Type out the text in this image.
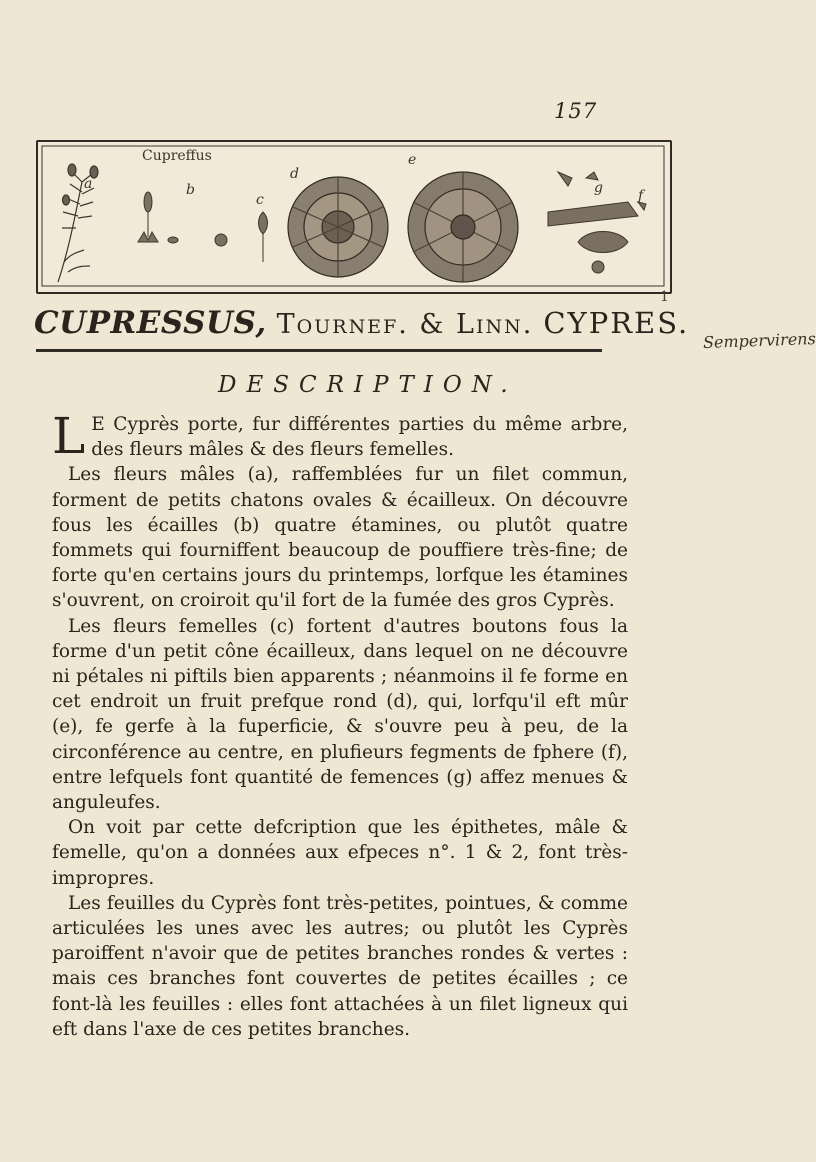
157
Cupreffus
a	b
c
d
e
f
g
1
CUPRESSUS, Tournef. & Linn. CYPRES.
Sempervirens
DESCRIPTION.

L E Cyprès porte, fur différentes parties du même arbre, des fleurs mâles & des fleurs femelles.

Les fleurs mâles (a), raffemblées fur un filet commun, forment de petits chatons ovales & écailleux. On découvre fous les écailles (b) quatre étamines, ou plutôt quatre fommets qui fourniffent beaucoup de pouffiere très-fine; de forte qu'en certains jours du printemps, lorfque les étamines s'ouvrent, on croiroit qu'il fort de la fumée des gros Cyprès.

Les fleurs femelles (c) fortent d'autres boutons fous la forme d'un petit cône écailleux, dans lequel on ne découvre ni pétales ni piftils bien apparents ; néanmoins il fe forme en cet endroit un fruit prefque rond (d), qui, lorfqu'il eft mûr (e), fe gerfe à la fuperficie, & s'ouvre peu à peu, de la circonférence au centre, en plufieurs fegments de fphere (f), entre lefquels font quantité de femences (g) affez menues & anguleufes.

On voit par cette defcription que les épithetes, mâle & femelle, qu'on a données aux efpeces n°. 1 & 2, font très-impropres.

Les feuilles du Cyprès font très-petites, pointues, & comme articulées les unes avec les autres; ou plutôt les Cyprès paroiffent n'avoir que de petites branches rondes & vertes : mais ces branches font couvertes de petites écailles ; ce font-là les feuilles : elles font attachées à un filet ligneux qui eft dans l'axe de ces petites branches.
